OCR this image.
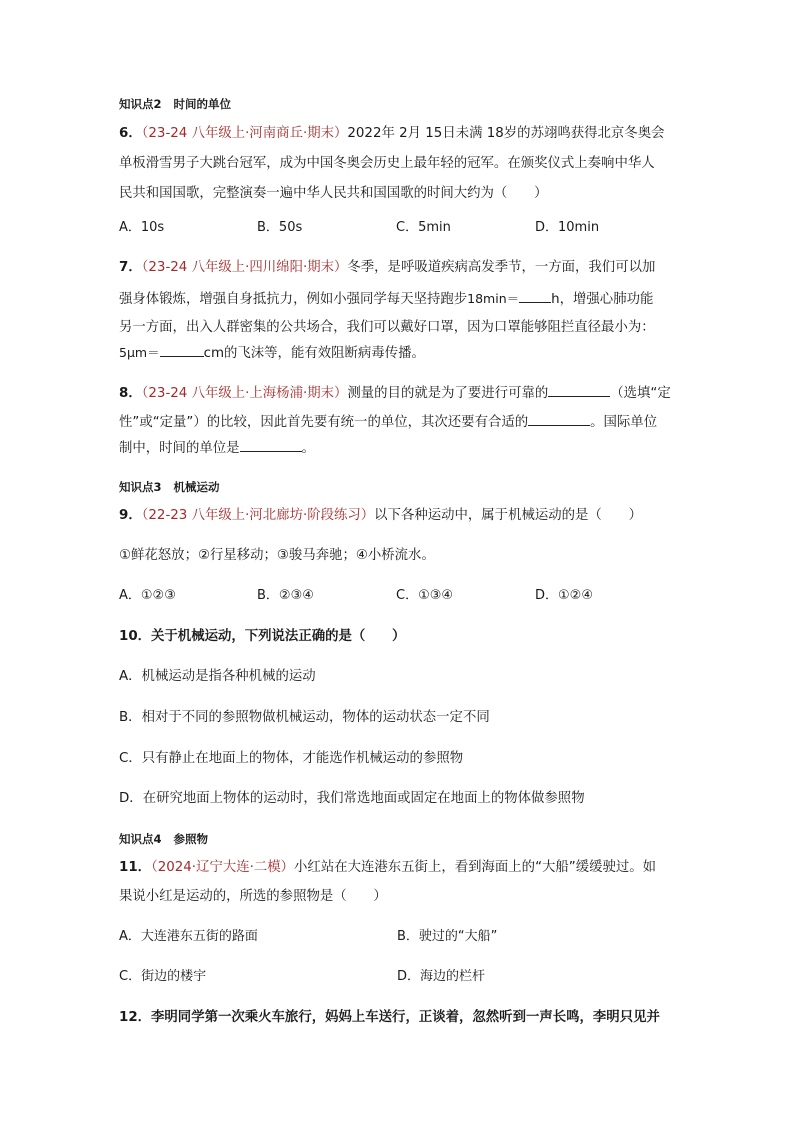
知识点2 时间的单位
6．（23-24 八年级上·河南商丘·期末）2022年 2月 15日未满 18岁的苏翊鸣获得北京冬奥会
单板滑雪男子大跳台冠军，成为中国冬奥会历史上最年轻的冠军。在颁奖仪式上奏响中华人
民共和国国歌，完整演奏一遍中华人民共和国国歌的时间大约为（　　）
A．10s	B．50s	C．5min	D．10min
7．（23-24 八年级上·四川绵阳·期末）冬季，是呼吸道疾病高发季节，一方面，我们可以加
强身体锻炼，增强自身抵抗力，例如小强同学每天坚持跑步18min＝ h，增强心肺功能
另一方面，出入人群密集的公共场合，我们可以戴好口罩，因为口罩能够阻拦直径最小为：
5μm＝	cm的飞沫等，能有效阻断病毒传播。
8．（23-24 八年级上·上海杨浦·期末）测量的目的就是为了要进行可靠的	（选填“定
性”或“定量”）的比较，因此首先要有统一的单位，其次还要有合适的	。国际单位
制中，时间的单位是	。
知识点3 机械运动
9．（22-23 八年级上·河北廊坊·阶段练习）以下各种运动中，属于机械运动的是（　　）
①鲜花怒放；②行星移动；③骏马奔驰；④小桥流水。
A．①②③	B．②③④	C．①③④	D．①②④
10．关于机械运动，下列说法正确的是（　　）
A．机械运动是指各种机械的运动
B．相对于不同的参照物做机械运动，物体的运动状态一定不同
C．只有静止在地面上的物体，才能选作机械运动的参照物
D．在研究地面上物体的运动时，我们常选地面或固定在地面上的物体做参照物
知识点4 参照物
11．（2024·辽宁大连·二模）小红站在大连港东五街上，看到海面上的“大船”缓缓驶过。如
果说小红是运动的，所选的参照物是（　　）
A．大连港东五街的路面	B．驶过的“大船”
C．街边的楼宇	D．海边的栏杆
12．李明同学第一次乘火车旅行，妈妈上车送行，正谈着，忽然听到一声长鸣，李明只见并
